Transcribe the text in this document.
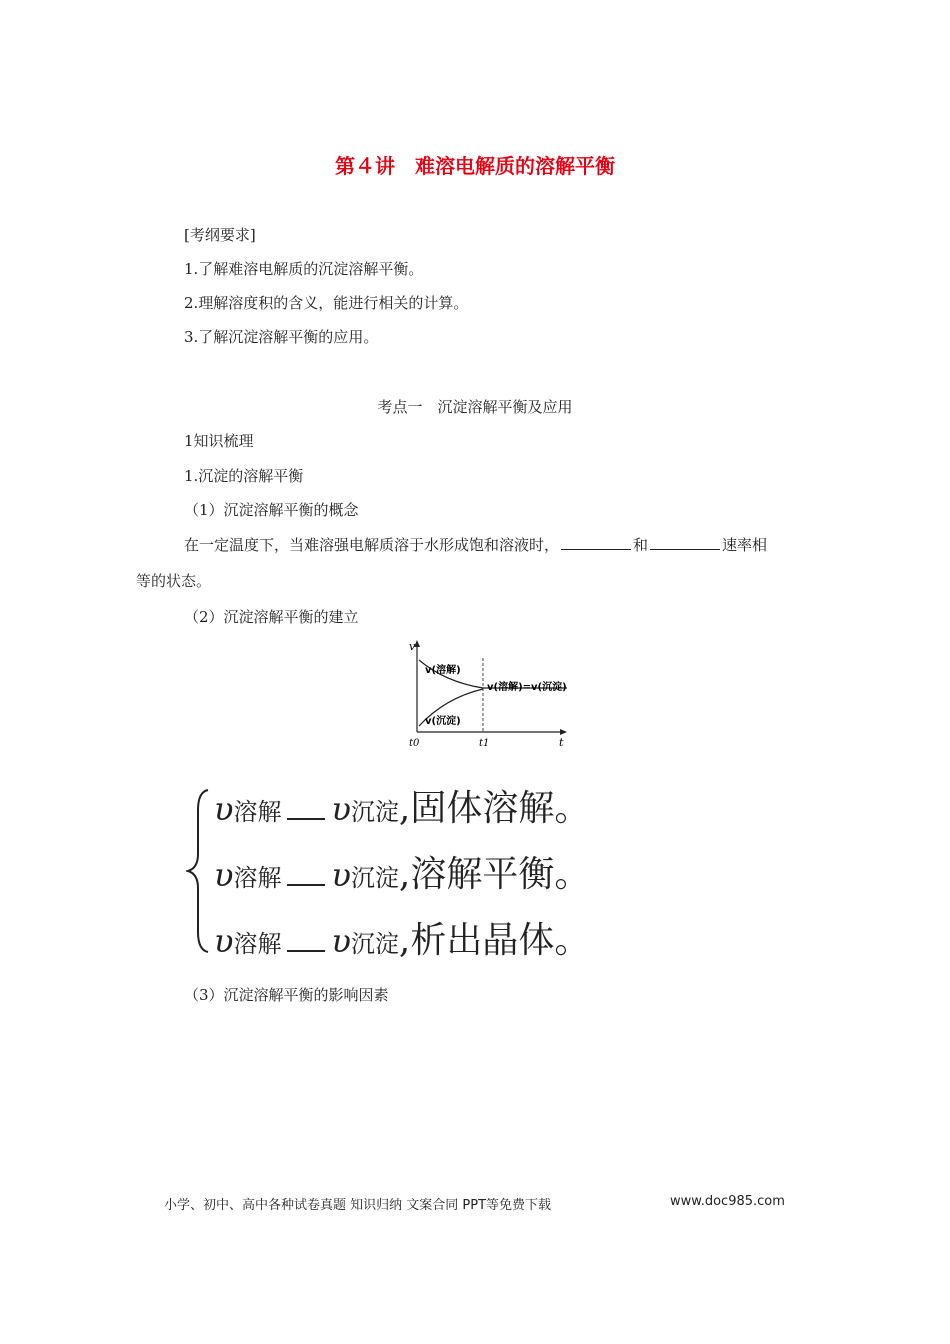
第４讲　难溶电解质的溶解平衡
[考纲要求]
1.了解难溶电解质的沉淀溶解平衡。
2.理解溶度积的含义，能进行相关的计算。
3.了解沉淀溶解平衡的应用。
考点一　沉淀溶解平衡及应用
1知识梳理
1.沉淀的溶解平衡
（1）沉淀溶解平衡的概念
在一定温度下，当难溶强电解质溶于水形成饱和溶液时，	和	速率相
等的状态。
（2）沉淀溶解平衡的建立
v
t
t0	t1
v(溶解)
v(沉淀)
v(溶解)=v(沉淀)
υ溶解 υ沉淀,固体溶解。
υ溶解 υ沉淀,溶解平衡。
υ溶解 υ沉淀,析出晶体。
（3）沉淀溶解平衡的影响因素
小学、初中、高中各种试卷真题 知识归纳 文案合同 PPT等免费下载	www.doc985.com
